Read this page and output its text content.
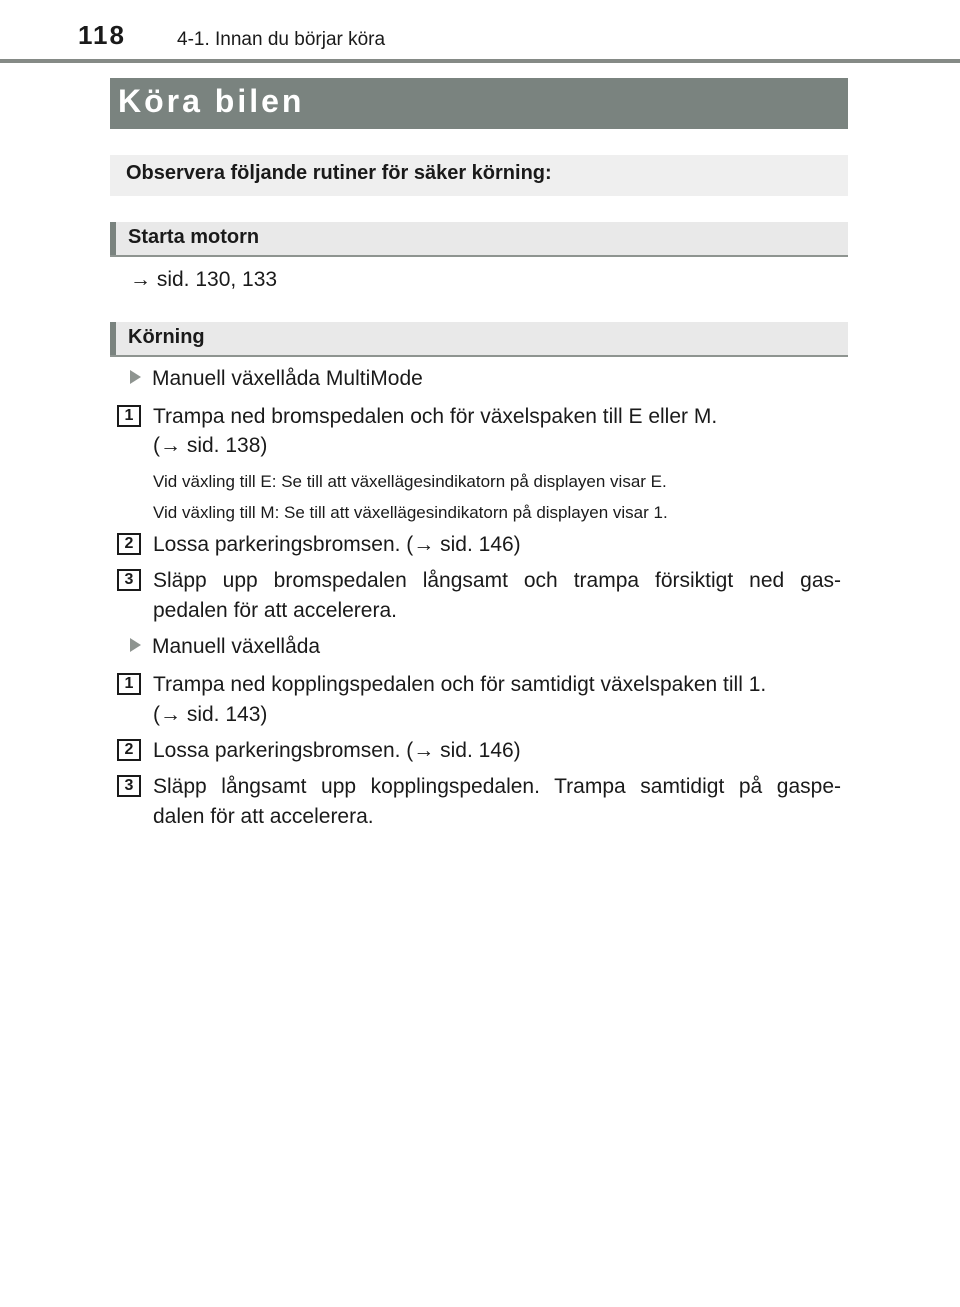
118	4-1. Innan du börjar köra
Köra bilen
Observera följande rutiner för säker körning:
Starta motorn
→ sid. 130, 133
Körning
Manuell växellåda MultiMode
1 Trampa ned bromspedalen och för växelspaken till E eller M.
(→ sid. 138)
Vid växling till E: Se till att växellägesindikatorn på displayen visar E.
Vid växling till M: Se till att växellägesindikatorn på displayen visar 1.
2 Lossa parkeringsbromsen. (→ sid. 146)
3 Släpp upp bromspedalen långsamt och trampa försiktigt ned gas-
pedalen för att accelerera.
Manuell växellåda
1 Trampa ned kopplingspedalen och för samtidigt växelspaken till 1.
(→ sid. 143)
2 Lossa parkeringsbromsen. (→ sid. 146)
3 Släpp långsamt upp kopplingspedalen. Trampa samtidigt på gaspe-
dalen för att accelerera.
